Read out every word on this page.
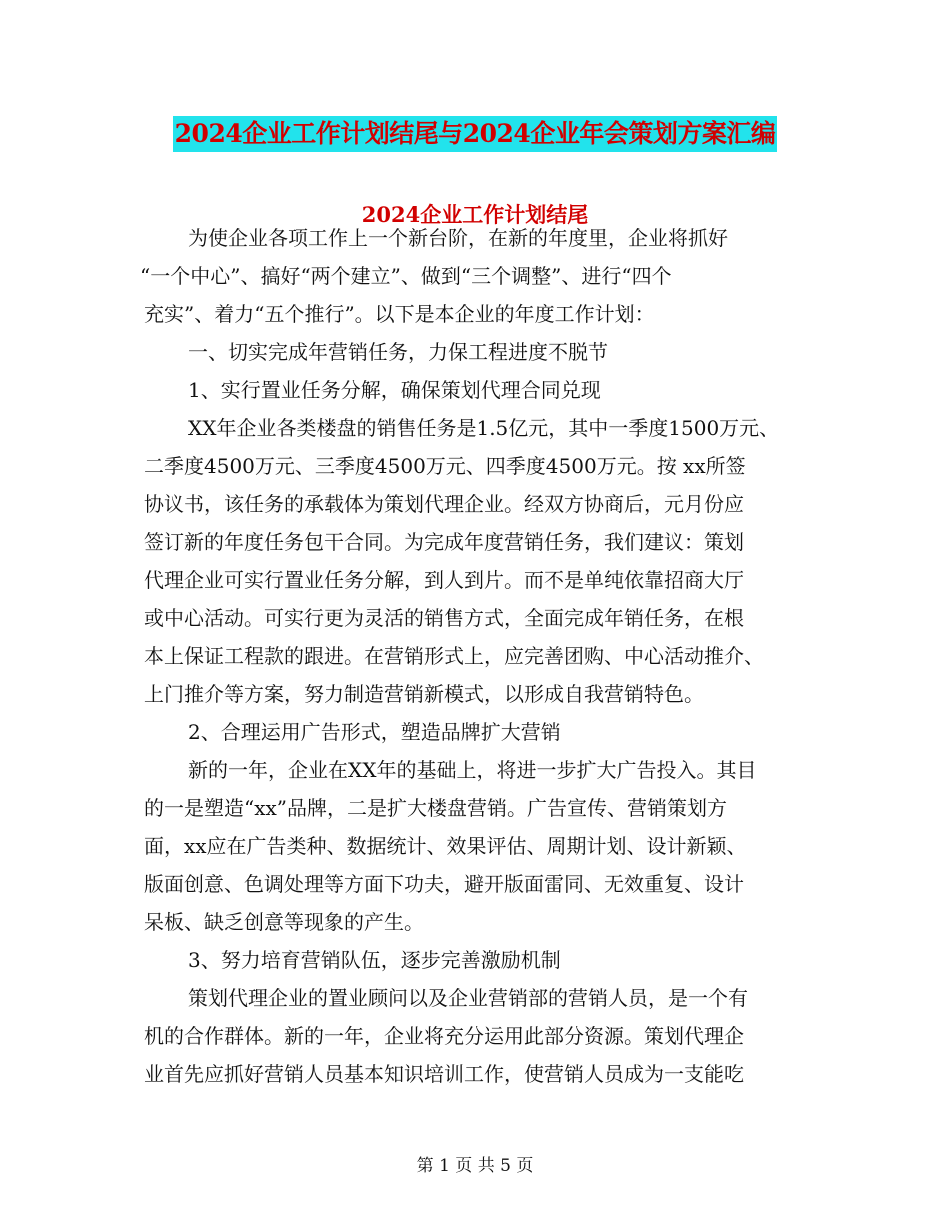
2024企业工作计划结尾与2024企业年会策划方案汇编
2024企业工作计划结尾
为使企业各项工作上一个新台阶，在新的年度里，企业将抓好
“一个中心”、搞好“两个建立”、做到“三个调整”、进行“四个
充实”、着力“五个推行”。以下是本企业的年度工作计划：
一、切实完成年营销任务，力保工程进度不脱节
1、实行置业任务分解，确保策划代理合同兑现
XX年企业各类楼盘的销售任务是1.5亿元，其中一季度1500万元、
二季度4500万元、三季度4500万元、四季度4500万元。按 xx所签
协议书，该任务的承载体为策划代理企业。经双方协商后，元月份应
签订新的年度任务包干合同。为完成年度营销任务，我们建议：策划
代理企业可实行置业任务分解，到人到片。而不是单纯依靠招商大厅
或中心活动。可实行更为灵活的销售方式，全面完成年销任务，在根
本上保证工程款的跟进。在营销形式上，应完善团购、中心活动推介、
上门推介等方案，努力制造营销新模式，以形成自我营销特色。
2、合理运用广告形式，塑造品牌扩大营销
新的一年，企业在XX年的基础上，将进一步扩大广告投入。其目
的一是塑造“xx”品牌，二是扩大楼盘营销。广告宣传、营销策划方
面，xx应在广告类种、数据统计、效果评估、周期计划、设计新颖、
版面创意、色调处理等方面下功夫，避开版面雷同、无效重复、设计
呆板、缺乏创意等现象的产生。
3、努力培育营销队伍，逐步完善激励机制
策划代理企业的置业顾问以及企业营销部的营销人员，是一个有
机的合作群体。新的一年，企业将充分运用此部分资源。策划代理企
业首先应抓好营销人员基本知识培训工作，使营销人员成为一支能吃
第 1 页 共 5 页
